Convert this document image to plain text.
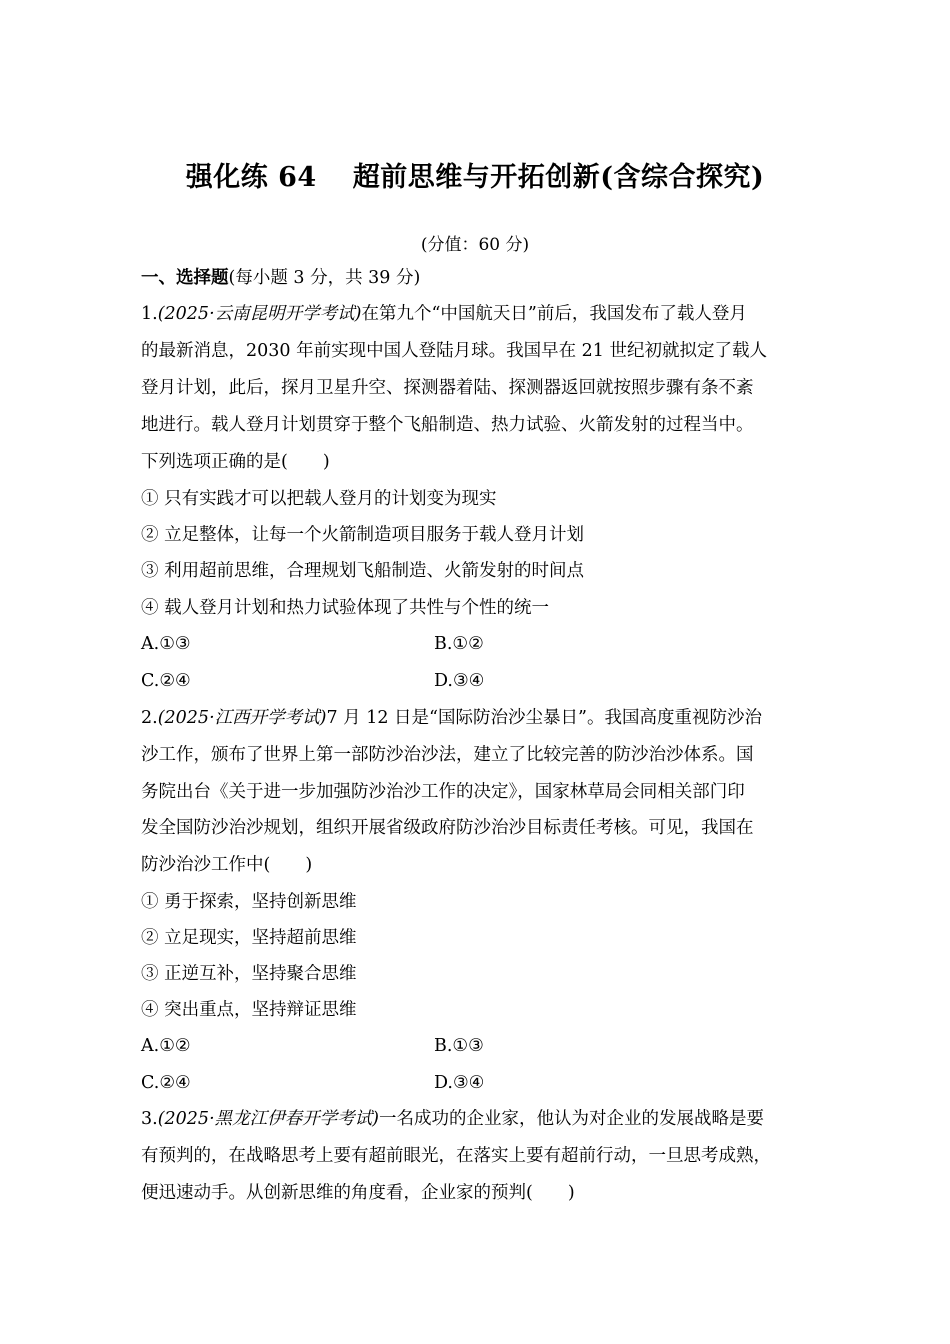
强化练 64 超前思维与开拓创新(含综合探究)
(分值：60 分)
一、选择题(每小题 3 分，共 39 分)
1.(2025·云南昆明开学考试)在第九个“中国航天日”前后，我国发布了载人登月
的最新消息，2030 年前实现中国人登陆月球。我国早在 21 世纪初就拟定了载人
登月计划，此后，探月卫星升空、探测器着陆、探测器返回就按照步骤有条不紊
地进行。载人登月计划贯穿于整个飞船制造、热力试验、火箭发射的过程当中。
下列选项正确的是(　　)
① 只有实践才可以把载人登月的计划变为现实
② 立足整体，让每一个火箭制造项目服务于载人登月计划
③ 利用超前思维，合理规划飞船制造、火箭发射的时间点
④ 载人登月计划和热力试验体现了共性与个性的统一
A.①③	B.①②
C.②④	D.③④
2.(2025·江西开学考试)7 月 12 日是“国际防治沙尘暴日”。我国高度重视防沙治
沙工作，颁布了世界上第一部防沙治沙法，建立了比较完善的防沙治沙体系。国
务院出台《关于进一步加强防沙治沙工作的决定》，国家林草局会同相关部门印
发全国防沙治沙规划，组织开展省级政府防沙治沙目标责任考核。可见，我国在
防沙治沙工作中(　　)
① 勇于探索，坚持创新思维
② 立足现实，坚持超前思维
③ 正逆互补，坚持聚合思维
④ 突出重点，坚持辩证思维
A.①②	B.①③
C.②④	D.③④
3.(2025·黑龙江伊春开学考试)一名成功的企业家，他认为对企业的发展战略是要
有预判的，在战略思考上要有超前眼光，在落实上要有超前行动，一旦思考成熟，
便迅速动手。从创新思维的角度看，企业家的预判(　　)
